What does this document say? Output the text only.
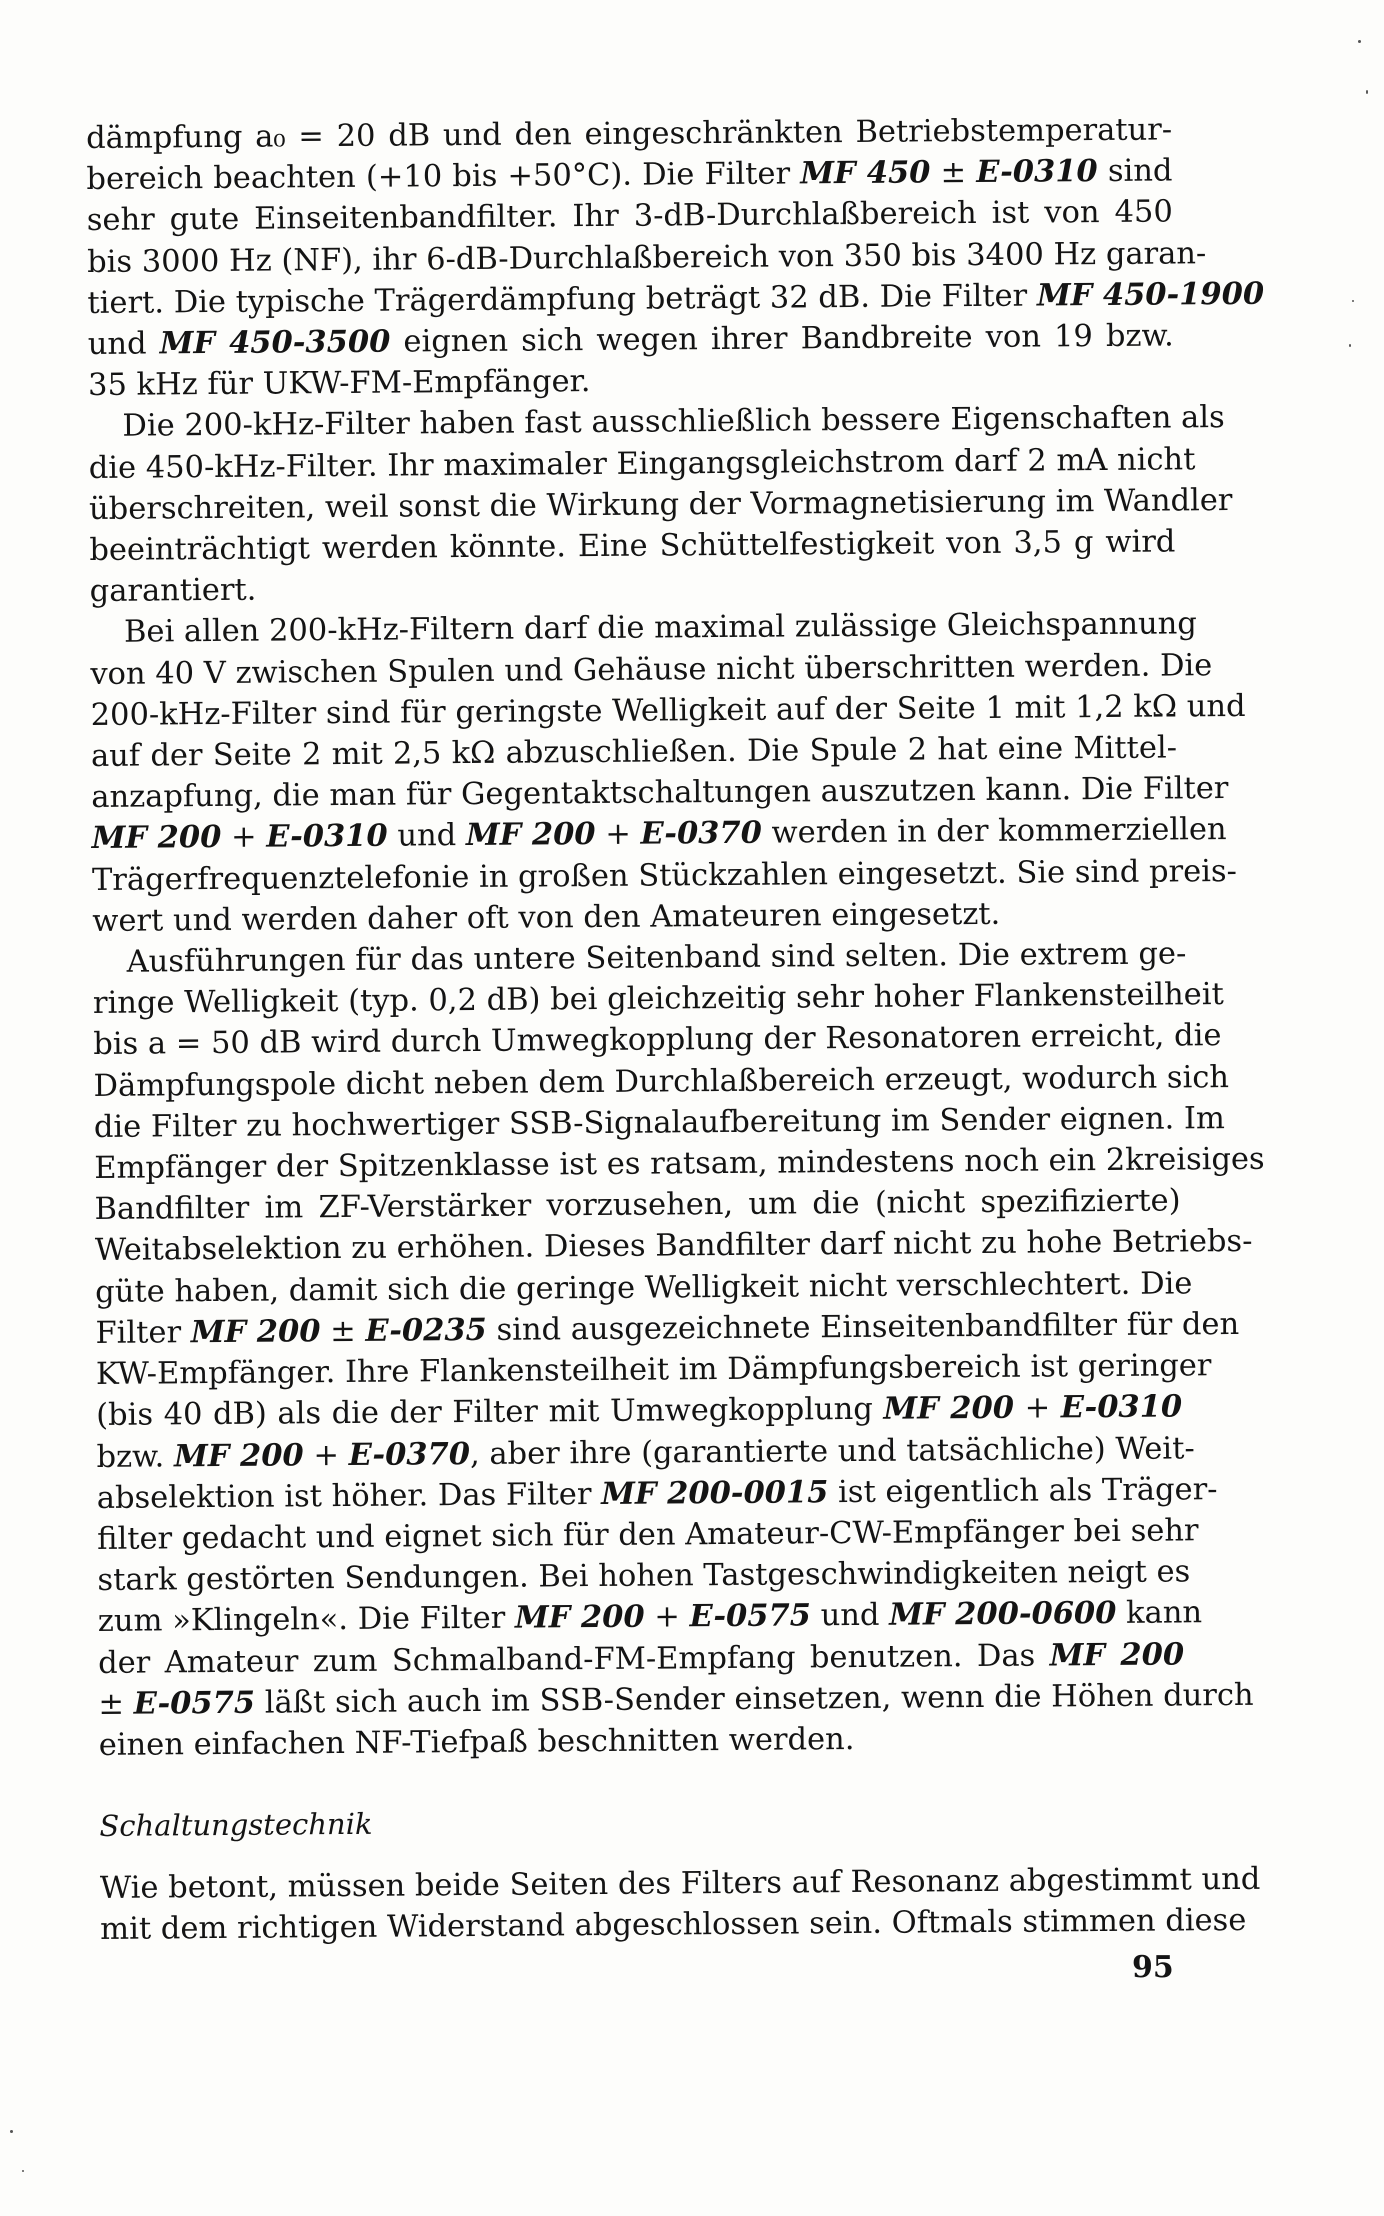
dämpfung a₀ = 20 dB und den eingeschränkten Betriebstemperatur-
bereich beachten (+10 bis +50°C). Die Filter MF 450 ± E-0310 sind
sehr gute Einseitenbandfilter. Ihr 3-dB-Durchlaßbereich ist von 450
bis 3000 Hz (NF), ihr 6-dB-Durchlaßbereich von 350 bis 3400 Hz garan-
tiert. Die typische Trägerdämpfung beträgt 32 dB. Die Filter MF 450-1900
und MF 450-3500 eignen sich wegen ihrer Bandbreite von 19 bzw.
35 kHz für UKW-FM-Empfänger.
Die 200-kHz-Filter haben fast ausschließlich bessere Eigenschaften als
die 450-kHz-Filter. Ihr maximaler Eingangsgleichstrom darf 2 mA nicht
überschreiten, weil sonst die Wirkung der Vormagnetisierung im Wandler
beeinträchtigt werden könnte. Eine Schüttelfestigkeit von 3,5 g wird
garantiert.
Bei allen 200-kHz-Filtern darf die maximal zulässige Gleichspannung
von 40 V zwischen Spulen und Gehäuse nicht überschritten werden. Die
200-kHz-Filter sind für geringste Welligkeit auf der Seite 1 mit 1,2 kΩ und
auf der Seite 2 mit 2,5 kΩ abzuschließen. Die Spule 2 hat eine Mittel-
anzapfung, die man für Gegentaktschaltungen auszutzen kann. Die Filter
MF 200 + E-0310 und MF 200 + E-0370 werden in der kommerziellen
Trägerfrequenztelefonie in großen Stückzahlen eingesetzt. Sie sind preis-
wert und werden daher oft von den Amateuren eingesetzt.
Ausführungen für das untere Seitenband sind selten. Die extrem ge-
ringe Welligkeit (typ. 0,2 dB) bei gleichzeitig sehr hoher Flankensteilheit
bis a = 50 dB wird durch Umwegkopplung der Resonatoren erreicht, die
Dämpfungspole dicht neben dem Durchlaßbereich erzeugt, wodurch sich
die Filter zu hochwertiger SSB-Signalaufbereitung im Sender eignen. Im
Empfänger der Spitzenklasse ist es ratsam, mindestens noch ein 2kreisiges
Bandfilter im ZF-Verstärker vorzusehen, um die (nicht spezifizierte)
Weitabselektion zu erhöhen. Dieses Bandfilter darf nicht zu hohe Betriebs-
güte haben, damit sich die geringe Welligkeit nicht verschlechtert. Die
Filter MF 200 ± E-0235 sind ausgezeichnete Einseitenbandfilter für den
KW-Empfänger. Ihre Flankensteilheit im Dämpfungsbereich ist geringer
(bis 40 dB) als die der Filter mit Umwegkopplung MF 200 + E-0310
bzw. MF 200 + E-0370, aber ihre (garantierte und tatsächliche) Weit-
abselektion ist höher. Das Filter MF 200-0015 ist eigentlich als Träger-
filter gedacht und eignet sich für den Amateur-CW-Empfänger bei sehr
stark gestörten Sendungen. Bei hohen Tastgeschwindigkeiten neigt es
zum »Klingeln«. Die Filter MF 200 + E-0575 und MF 200-0600 kann
der Amateur zum Schmalband-FM-Empfang benutzen. Das MF 200
± E-0575 läßt sich auch im SSB-Sender einsetzen, wenn die Höhen durch
einen einfachen NF-Tiefpaß beschnitten werden.
Schaltungstechnik
Wie betont, müssen beide Seiten des Filters auf Resonanz abgestimmt und
mit dem richtigen Widerstand abgeschlossen sein. Oftmals stimmen diese
95
